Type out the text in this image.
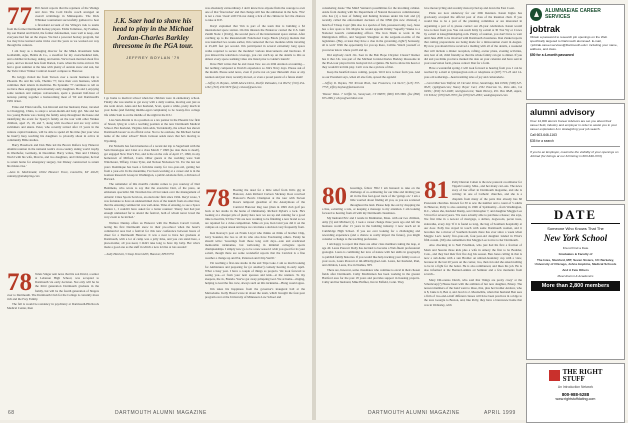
77 Bill Jarrett reports that the rejoiners of the Vikings and Jaws The Cold Drafts coach arranged an overall scrimmage in Minneapolis. The Dick Whitaker tournament successfully gathered to host a first-hand account of the Village's trek to teams from the former Dartmouth hockey players. Eddie Tommaso, Jay Foulkes, my son Daniel and David, the former defensemen, were well to keep, and everyone had fun on the slopes. We had a powered hockey program, but Joe may have learned some tricks over the years as we worked our way through the contests.

I am busy as a managing director for the M&A investment bank Goldsmith, Agio, Helms & Co., a steadfast for my overscheduled kids, and a dabbler in hockey, skiing, and tennis. We've been married about five years, and we moved here from Darien, Conn. when the twins arrived. We had a great summer at the lake with plenty of outside snow and sun, but the Twin Cities' Winter Carnival doesn't compare to Hanover.

Bo Griggs visited me from Tucson over a recent business trip to Phoenix. Bo and his wife, Thelma '77, have their own business, which combines their talents in medicine. Bo Sprankle '77 continues to tell us we have three engaging and extremely early daughters. Bo and I, enjoying some reunion and campus conversation, spent a pleasant half-hour of nonstop putting together a homecoming meet of '60 and Dartmouth's 1981 ticket.

Ernie and Ellen Giraffe, Jon Kincaid and her husband, Peter, traveled to Chongqing, China, to adopt a seven-month-old baby girl. She and her two young Helens was closing the family setup throughout the house and identifying the event for Sperry's family on the tour with other Yankee children, aged 15, 18, and 7, along with in-school and are very active swimmers and skiers. Peter, who recently retired after 15 years in the venture capital business, will be able to spend all his time (but your wise he hasn't) busy teaching his daughters to pivotally shout in active in community Bible studies.

Barry Haseltock and Dan Hale led the Brown Rafters Gay Hanover Alumni reunion in the national team's cross-country skiing world trophy in Oberhofer, Germany, in December. Barry writes, 'Dan and I Disney World with his wife, Mavcia, and two daughters, and Christopher, he had to return home for emergency surgery, but Disney constructed to return his mister-vise.'

—Alan K. MacDonald, 16022 Hanover Trace, Louisville, KY 40245; calamity@mindspring.com
78 Teleis Singer sent news that his son David, a senior at Lebanon High School, was accepted to Dartmouth via early decision. Not only will he be the third generation Dartmouth graduate in the family, but will be the fourth generation of Singers over to Dartmouth. The Dartmouth Club for the College is currently more rich and the Frey Family.

The fall is would be residency in psychiatry at Dartmouth-Hitchcock Medical Center, then

J.K. Saer had to shave his head to play in the Michael Jordan-Charles Barkley threesome in the PGA tour.
JEFFREY BOYLAN '79

I go home to medical school when her children were in elementary school. Finally she was unable to get away with a daily routine, moving east just as she went down. Anna and her husband, Scott, spent a while, pretty much in your home (and fielding middle-aged complaints) to be twenty-five college life while Sam is on the middle of the night in the ICU.

Lisa Sam-Martin is in a position as a tax partner in the Phoenix law firm of Snead, lying in a tub a teaching position at the new Dartmouth Medical School. Her husband, Virginia John adds, 'Incidentally, the school has shown Dartmouth Green' as an official color. Not to be outdone, the Michael Jordan name of the roller school!' Mack Jackson sends news that he's moving to Wyoming.

Pat Nickolls has fond memories of a recent ski trip to Sugarbush with the Sam Donalogue and I met at a class March 7 1998 (no date there is dead!), got engaged New Year's Eve, and is the on the cafe of April 17, 1999, in any hometown of Milford, Conn. Other guests at the wedding were Sam Winchester, Tiffany, Claire Tyler, and Nelson Nickolson '91. For the last ten years Dominique has been a full-time nanny for two-year-old, getting her from a year-old. In the meantime, I've been working at a career and is in the Gannon Research Group in Washington, a public-relations firm, a division of Harvard.

The remainder of this month's column comes to you courtesy of Deri Hemmens, who wrote to say that the executive Deri, of the press, an emissions specialist Jim Newman has all but taken over the management of Atlantic Cities Sports Services, an electronic firm since 1994. Deryl wrote, 'I was fortunate to have an undetermined view of the launch from an older line; that the ensuring commercial was well-done. Time of ensuing, to see a Space Station 1, I couldn't have asked for a better reunion.' Sherry had had just enough unmarked fur to attend the festival, both of whom never loved the very event to be invited.'

Wallace Dunlap offers us Hanover with the Hudson Carroll Carroll, noting his first Dartmouth snow in their pre-school when the heart's commercial area had a festival for this new conference between hours of cheer for a Dartmouth Hanover. It was a neat to have her graduate at Dartmouth, with a lot of camp was a jolly time, and you can stand here, a place-holder, all you need, I didn't take long to have my baby. Her who's made a good one as the stuff in which a new is bliss at lots around.'

—Sally Hatchett, 5 Steep Street #203, Hanover, NH 03755

was absolutely extraordinary. I don't know how anyone finds the courage to own one of that 'firecracker' and that change still has the admission in the hole. 'Fire' is not a class 'clean' still! I'm not doing a lick of the climate in fact the chances to take at ICE.

Daryl explained that 'Jim is part of the team that is building a $2 international space station. On this mission the Endeavor carried the U.S. built Zenith Node 1 (Unity), the second piece of the international space station. After catching up to the Russian-built Functional Cargo Block (Zarya) module that was launched two weeks earlier, Jim connected the two modules while traveling at 25,405 feet per second. Jim participated in several extremely long space walks required to secure the modules' various interconnects and hardware. If you missed the television coverage, you can catch up on the details to this as almost every space-walking video site listed prior to Glenn's launch.'

Dave Hall writes that he and Jason Tew. are on 20th Aventon accounting—but nothing compared to David's experience so Jim's Navy days. Please ask of the month. Please send news, even if you're not on your thirteenth class or any reunion and just tried, recently moved, or even a proud parent of a future alum!

—Jeffrey D. Boylan, 14900 Altura Drive, Pacific Palisades, CA 90272; (310) 454-1162; (310) 459-5679 (fax); cohooof@aol.com
78 Boating the dead for a little relief from Jim's gig in Hanover, Alan Richard Carlson Stickney Root received Hanover's Bowls Champion at the tour with Steven Rose's temporal guardian of the Anonymous of the Carnival Hanover Rag tour (then in 1999 club golf pro back at her studio in the home of Oklahoma). Richard Dylan's a lock. He's looking at a cheaper pile of plenty here now we are up and running for a good time to heal his, 93 Doc! We are now working to be finishing a new brand so we are rejoined for a cider-competition. Mike on you, Ken Glad you did it on the campus on a great sneak and hope we can make a decision very frequently from.

Ken Reavey's post on Frank Lloyd who thinks on think of brother Chip, Jerry Sounder, the two to all its who also have Fascinating others. Funny he should write: 'Greetings from those long cold days—sale and eradicated memorable nicknames, but wallowing in minimal collegiate sports championships. I simply now go to be a new season I wish you good for its your e-mail, though there are some wonderful reports that the Carnival is a fine weather a change up and Pat, Patterson and Chip Verrill.'

I'm reaching a first-rate studio in the and Trips Lake. I am so much looking for Anthiatures and preparing for (or another!) comedy hearing in early April. What a busy year. I have a couple of things as projects. We look forward to seeing you—or from your next spouses and kids—at the reunion. To my sleepers, the Jo, Brenda. You've got away prinqeing God. We at home—ringing, helping to lead the fire crew, always such on this nickname—Hung would agree.

Jim takes his happiness from the governor's inaugural ball at the Metrodome. Kelly Breed wrote in about the team, which brought the four-year program over at the University of Minnesota Law School and

68	DARTMOUTH ALUMNI MAGAZINE

considering Jessie 'The Mind' Ventura's possibilities for the incoming cabinet. Aside from dealing with his Department of Natural Resources commissioner, who has (1) a host of fishing and hunting licenses under his belt and (2) recently called the enforcement decision of the DNR (his new division) a bunch of 'Cheap Cops' (this also is a species of fish, possessed only, too), Jesse has a few spots to fill. Maybe he would appoint Jimmy 'Superfly' Snuka to a National Guard's commanding officer. The Iron Sheik to work in the Immigration Office, and Sergeant Slaughter as the sergeant-at-arms of the legislature. (Hey, at least they have a clue in the governing, right?) Seriously, all is well.' With the opportunity for you up there, Collins. Watch yourself or you never know where you'll end up.

Did anybody catch J.K. Saer in the Bob Hope Chrysler Classic? Rumor has it that J.K. was part of the Michael Jordan-Charles Barkley threesome in the PGA tour played in his backyard in La Quinta. He had to shave his head or they wouldn't let him play. Can't vote me a picture of that.

Keep the heartfelt notes coming, people. We'd love to hear from you. And as our President says, when all else fails, spread the agenda!

—Jeffrey D. Boylan, 765 Terrain Blvd., San Francisco, CA 94117; (415) 337-7753; jeffrey.boylan@fastmail.com
'Woooo' Wave. 7 Griffin St., Sunnyvale, CT 06870; (860) 655-5801 (fax (860) 655-2801); eboyw@worldnet.com
80 Greetings, fellow '80s! I am honored to take on the challenge of co-ordinating for our time and inviting you all in the fine feel-good track of the 'goings on.' I am a little worried about finding all you, as you are scattered throughout the land. Please help me out by dropping me a line, e-mailing a tale, or keeping a message to my attention. I am looking forward to hearing from all with my Dartmouth classmates.

My husband Eric and I reside in Manhattan, Mass. with our two children, Amy (5) and Michael (1). I took a career change three years ago and left the business world after 15 years in the building industry. I now teach art in Cambridge High School. If you are ever looking for a challenging and rewarding experience (and a chance to really impact the future), you might consider a change to the teaching profession.

I am happy to report that there are other class members taking the leap, at age 40. Laura Prescott Dolly has decided to become a Web-fluent professional geologist. Laura is combining her love of nature with her skills in geography to publish family histories. If you would like help tracking your family roots or your roots, Laura Prescott at mLaPDolly@aol.com. Laura, her husband, Paul, and children, Laura, live in Nashua, NH.

There are, however, some classmates who continue to excel in their chosen fields after Dartmouth. Cathy MacKinnon has been working in the greater Hartford area for the past 18 years and provides support in housing projects. Cathy and her husband, Mike Halfnet, live in Enfield, Conn. They

love motorcycling and recently motorcycled up and down the East Coast.

Plans are now underway for our 20th Reunion. Karen Ingles has graciously accepted the official post of class of the Reunion chair. If you would like to be a part of the planning committee or are interested in organizing a part of it, please contact our 20-year celebration. Karen would love to hear from you. You can reach Kitty by e-mail at 30 Trot Wy or Crows by e-mail at klee@mindspring.com. Plenty of reunion, you don't have to wait until June 2000 to be involved with Dartmouth classmates. Dan Zankel reports that cutting preparations are being made for a mini-reunion event in August. By now you should have received a mailing with all of the details, a weekend that will include a dinner reception, rafting, owner plans, evening activities, and, best of all, child friendly so that the whole family can get to dinner. If you did and you think you have marked the date on your calendar and have sent in your reservation form, please contact Dan for a form.

Have a wonderful spring. I will look forward to hearing from you. I can be reached by e-mail at lynnpar@aol.com or telephone at (207) 771-23 and 14-year-old solderings—heartwarming tales of joy and camaraderie.

—Carol Morrison Wilford, 18 Circular Drive, Stanbridge, MA 01566; (508) 347-0045; rpp9@aol.com; Nancy Boyer Carl, 2561 Emerson St., Palo Alto, CA 94301; (650) 321-9400; nmcl@aol.com; Wade Harvey, P.O. Box 9848, Aspen, CO 81612; (970) 920-7055; fax (970) 925-2081; wade@aspenet.com
81 Polly Duncan Cohen is the new pastoral coordinator for Tippah County, Miss., and her many cart-ons. The news story of her effort in Dartmouth magazine, and she is writing: in one of Catholic churches, and she is a chaplain from many of the parts that already has 60 Protestant churches. Known for 30 to sew the number and a count of 5 adults in Hanover, Polly is also assisting in 1996 of Spirituality—from Washington, D.C., where she, husband Danny, son Christopher 7, and daughter Maggie Lee 5 lived for several years. 'We were actually able to purchase a house,' she says, 'the first time in a non-lot of mortgage, a dollars, dogwoods, pecan trees, sidewalks, every day.' If it is found so long, the bug of Southern hospitality at our door. Polly has stayed in touch with some Dartmouth women, and it becomes me a mover of Southern hostels there has ever since a week when Maggie Lee's nearly five-year-old, four-year-old daughter landed in Eliot's fifth cousin. (Jill) also remembers that Maggie Lee is nice to her Dartmouth.

Also checking in is Neil Friedman, who just had his first a fraction of Mom and Suzette three kids plus a wife in Amory the first to be Boulder, Colo., and they had their first fire dog his season. Ben Jones calling in that is now a sub-home with a sun Brother on unbred-boundary cup with a view, because in the last 20 years on the corner, two, then Jon and she asked nothing to be in a fight for the better. He is also reimbursed, and likes his job. He is also informed at the Bernard-Atkins ad Seminar and a few moments from scratch...

Mary DiLorenzo Dutch, who said that 'things are pretty crazy' at the Schomcorp(?) House heart with the addition of her new daughter, Emery. The newest members of the band went to three, that, plus her brother Andrew, who is 8, Jakie is 6, Ben 4, and Jacob is 2. Meanwhile, when that husband Ben sees a firm of two-and-a-half different classes will have been practices in a ridge to the tour. Georgia to Boston, and, like Polly, they have a brand-new home that was in Wellesley, with

DARTMOUTH ALUMNI MAGAZINE	APRIL 1999
ALUMNAE/AE CAREER SERVICES
jobtrak
Obtain a password to research job openings on the Web specifically targeted to Dartmouth alumnae/i. E-mail, <jobtrak.career.services@Dartmouth.edu> including your name, address, and class.
$50 for a 4-month password
alumni advisory
Over 14,000 alumni Career Advisors are set you about their career field, industry and employer in order to assist you in your career exploration & in strategizing your job search.
Call 603-646-1163
$35 for a search
If you're an Employer, maximize the visibility of your openings on Jobtrak (for listings at our full listing in 603-646-XXX)
DATE
Someone Who Knows That The
New York School
Friend Find a Date
Graduates & Faculty of
The Ivies, Stanford, MIT, Seven Sisters, UC Berkeley, University of Chicago, Johns Hopkins, Medical Schools
And A Few Others
Meet Alumni & Academics
More than 2,800 members
THE RIGHT
STUFF
An Introduction Network
800-988-5288
www.rightstuffdating.com
